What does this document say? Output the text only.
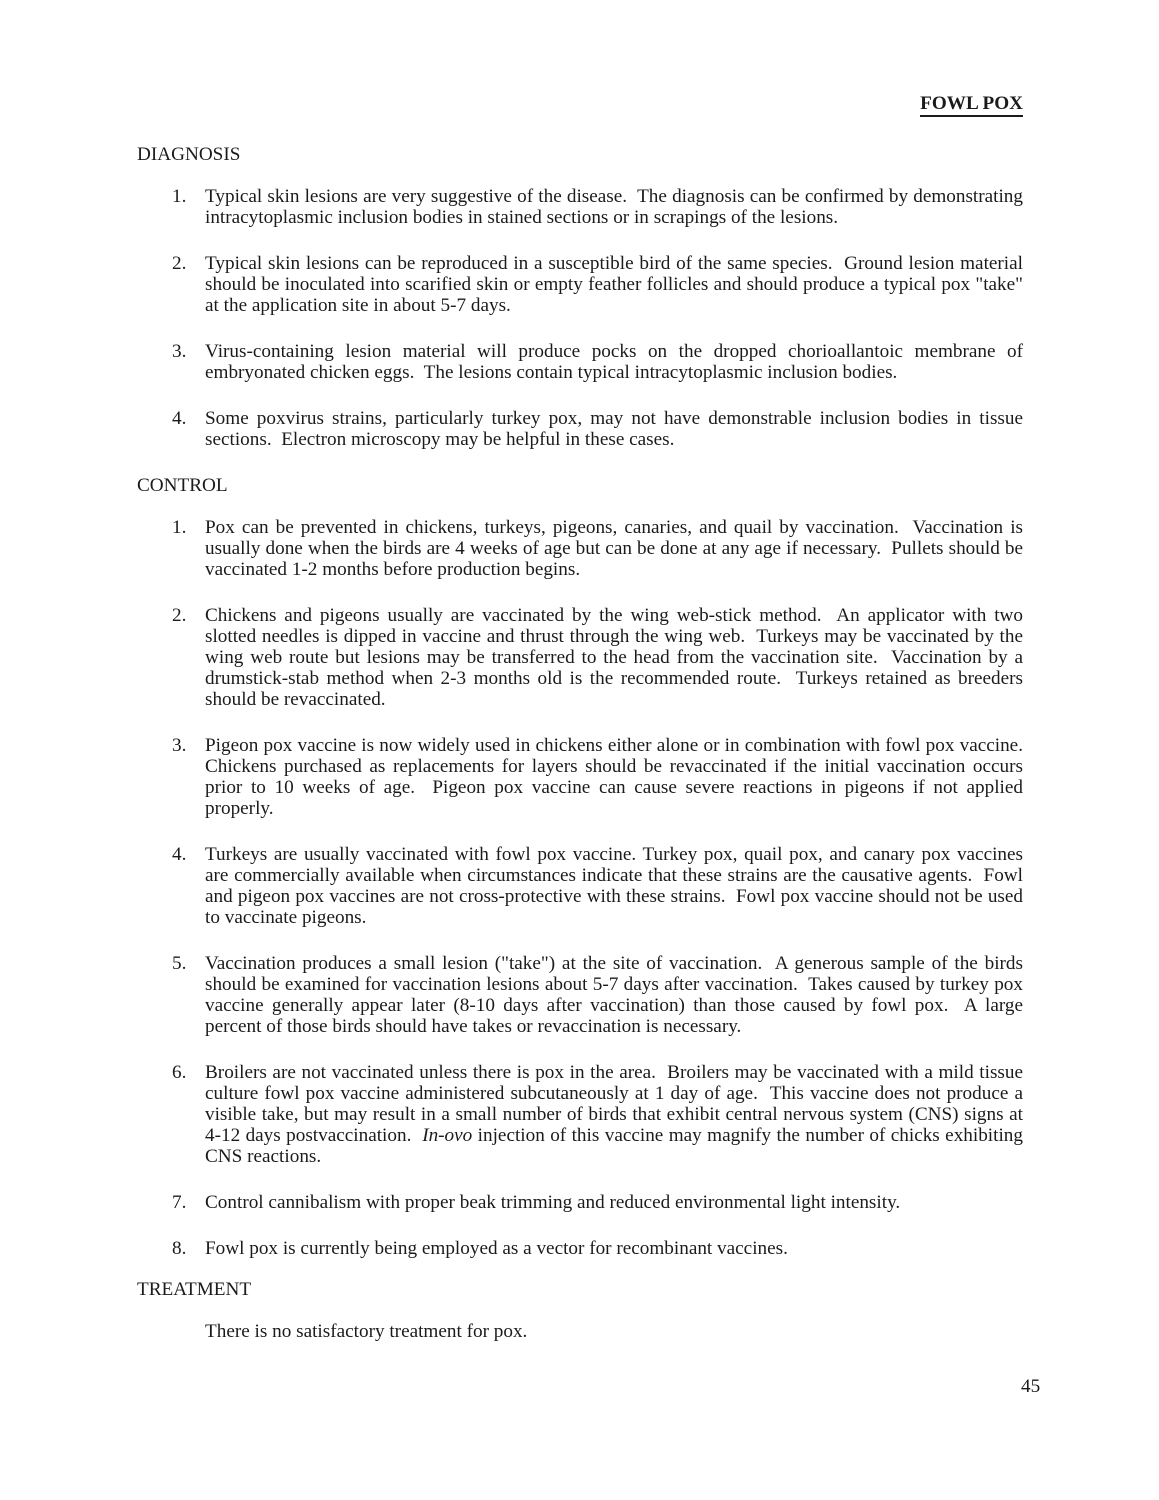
FOWL POX
DIAGNOSIS
1. Typical skin lesions are very suggestive of the disease.  The diagnosis can be confirmed by demonstrating intracytoplasmic inclusion bodies in stained sections or in scrapings of the lesions.

2. Typical skin lesions can be reproduced in a susceptible bird of the same species.  Ground lesion material should be inoculated into scarified skin or empty feather follicles and should produce a typical pox "take" at the application site in about 5-7 days.

3. Virus-containing lesion material will produce pocks on the dropped chorioallantoic membrane of embryonated chicken eggs.  The lesions contain typical intracytoplasmic inclusion bodies.

4. Some poxvirus strains, particularly turkey pox, may not have demonstrable inclusion bodies in tissue sections.  Electron microscopy may be helpful in these cases.

CONTROL
1. Pox can be prevented in chickens, turkeys, pigeons, canaries, and quail by vaccination.  Vaccination is usually done when the birds are 4 weeks of age but can be done at any age if necessary.  Pullets should be vaccinated 1-2 months before production begins.

2. Chickens and pigeons usually are vaccinated by the wing web-stick method.  An applicator with two slotted needles is dipped in vaccine and thrust through the wing web.  Turkeys may be vaccinated by the wing web route but lesions may be transferred to the head from the vaccination site.  Vaccination by a drumstick-stab method when 2-3 months old is the recommended route.  Turkeys retained as breeders should be revaccinated.

3. Pigeon pox vaccine is now widely used in chickens either alone or in combination with fowl pox vaccine.  Chickens purchased as replacements for layers should be revaccinated if the initial vaccination occurs prior to 10 weeks of age.  Pigeon pox vaccine can cause severe reactions in pigeons if not applied properly.

4. Turkeys are usually vaccinated with fowl pox vaccine. Turkey pox, quail pox, and canary pox vaccines are commercially available when circumstances indicate that these strains are the causative agents.  Fowl and pigeon pox vaccines are not cross-protective with these strains.  Fowl pox vaccine should not be used to vaccinate pigeons.

5. Vaccination produces a small lesion ("take") at the site of vaccination.  A generous sample of the birds should be examined for vaccination lesions about 5-7 days after vaccination.  Takes caused by turkey pox vaccine generally appear later (8-10 days after vaccination) than those caused by fowl pox.  A large percent of those birds should have takes or revaccination is necessary.

6. Broilers are not vaccinated unless there is pox in the area.  Broilers may be vaccinated with a mild tissue culture fowl pox vaccine administered subcutaneously at 1 day of age.  This vaccine does not produce a visible take, but may result in a small number of birds that exhibit central nervous system (CNS) signs at 4-12 days postvaccination.  In-ovo injection of this vaccine may magnify the number of chicks exhibiting CNS reactions.

7. Control cannibalism with proper beak trimming and reduced environmental light intensity.

8. Fowl pox is currently being employed as a vector for recombinant vaccines.

TREATMENT
There is no satisfactory treatment for pox.
45
